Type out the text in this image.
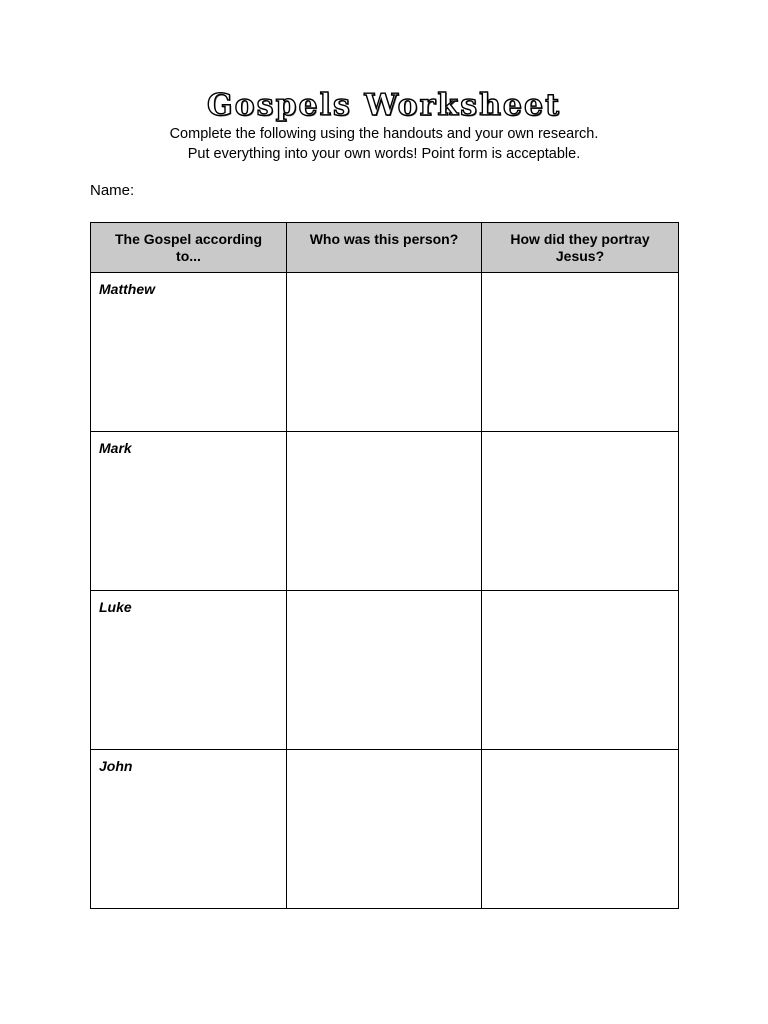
Gospels Worksheet
Complete the following using the handouts and your own research.
Put everything into your own words! Point form is acceptable.
Name:
The Gospel according to...	Who was this person?	How did they portray Jesus?

Matthew		

Mark		

Luke		

John		
